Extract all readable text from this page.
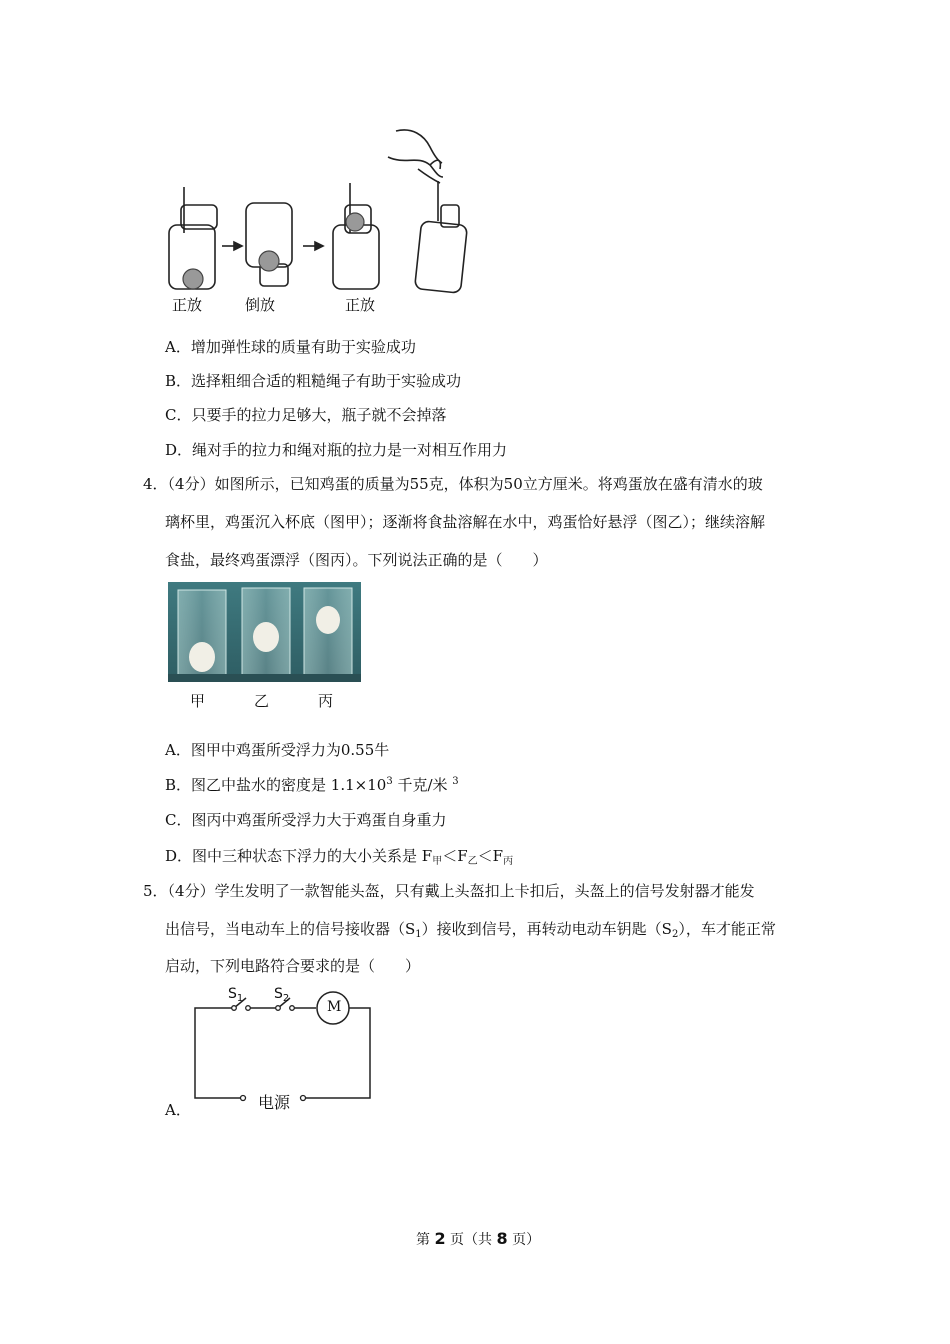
正放	倒放	正放
A．增加弹性球的质量有助于实验成功
B．选择粗细合适的粗糙绳子有助于实验成功
C．只要手的拉力足够大，瓶子就不会掉落
D．绳对手的拉力和绳对瓶的拉力是一对相互作用力
4．（4分）如图所示，已知鸡蛋的质量为55克，体积为50立方厘米。将鸡蛋放在盛有清水的玻
璃杯里，鸡蛋沉入杯底（图甲）；逐渐将食盐溶解在水中，鸡蛋恰好悬浮（图乙）；继续溶解
食盐，最终鸡蛋漂浮（图丙）。下列说法正确的是（　　）
甲	乙	丙
A．图甲中鸡蛋所受浮力为0.55牛
B．图乙中盐水的密度是 $1.1\times 10^3$ 千克/米 $^3$
C．图丙中鸡蛋所受浮力大于鸡蛋自身重力
D．图中三种状态下浮力的大小关系是 $F_甲<F_乙<F_丙$
5．（4分）学生发明了一款智能头盔，只有戴上头盔扣上卡扣后，头盔上的信号发射器才能发
出信号，当电动车上的信号接收器$(S_1)$接收到信号，再转动电动车钥匙$(S_2)$，车才能正常
启动，下列电路符合要求的是（　　）
$S_1$ $S_2$
M
电源
A．
第 2 页（共 8 页）
